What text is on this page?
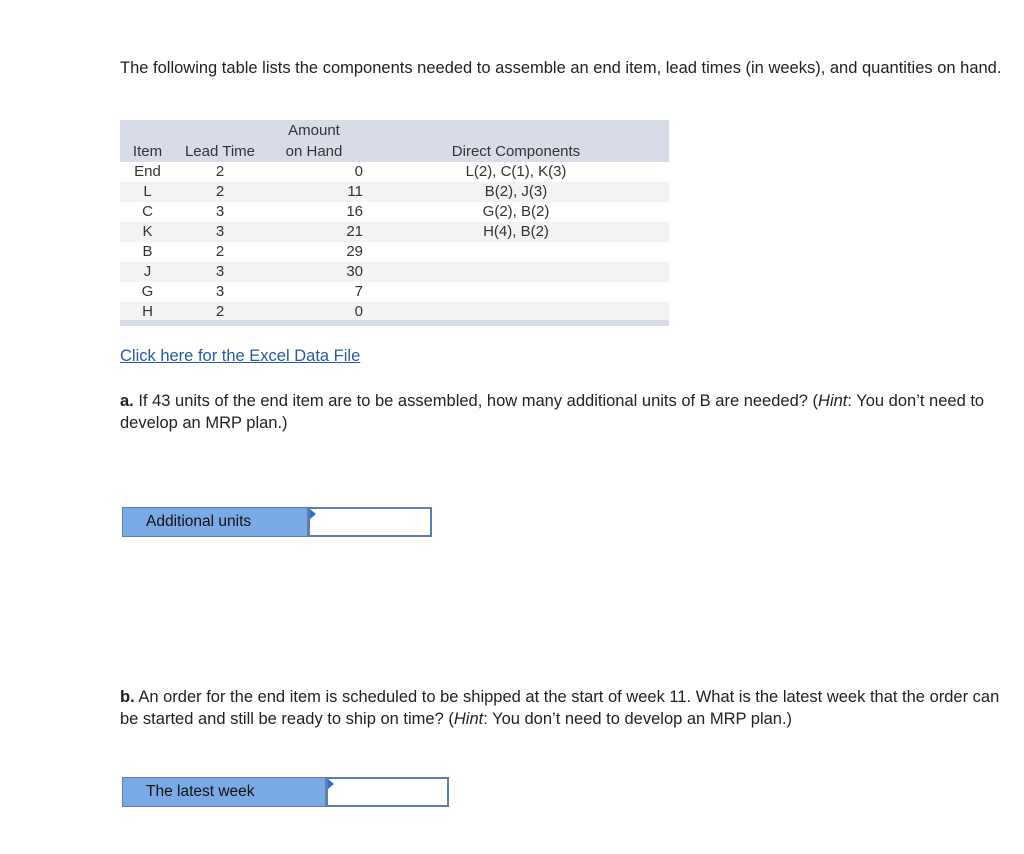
The following table lists the components needed to assemble an end item, lead times (in weeks), and quantities on hand.

		Amount	
Item	Lead Time	on Hand	Direct Components
End	2	0	L(2), C(1), K(3)
L	2	11	B(2), J(3)
C	3	16	G(2), B(2)
K	3	21	H(4), B(2)
B	2	29	
J	3	30	
G	3	7	
H	2	0	
Click here for the Excel Data File

a. If 43 units of the end item are to be assembled, how many additional units of B are needed? (Hint: You don’t need to develop an MRP plan.)

Additional units

b. An order for the end item is scheduled to be shipped at the start of week 11. What is the latest week that the order can be started and still be ready to ship on time? (Hint: You don’t need to develop an MRP plan.)

The latest week
